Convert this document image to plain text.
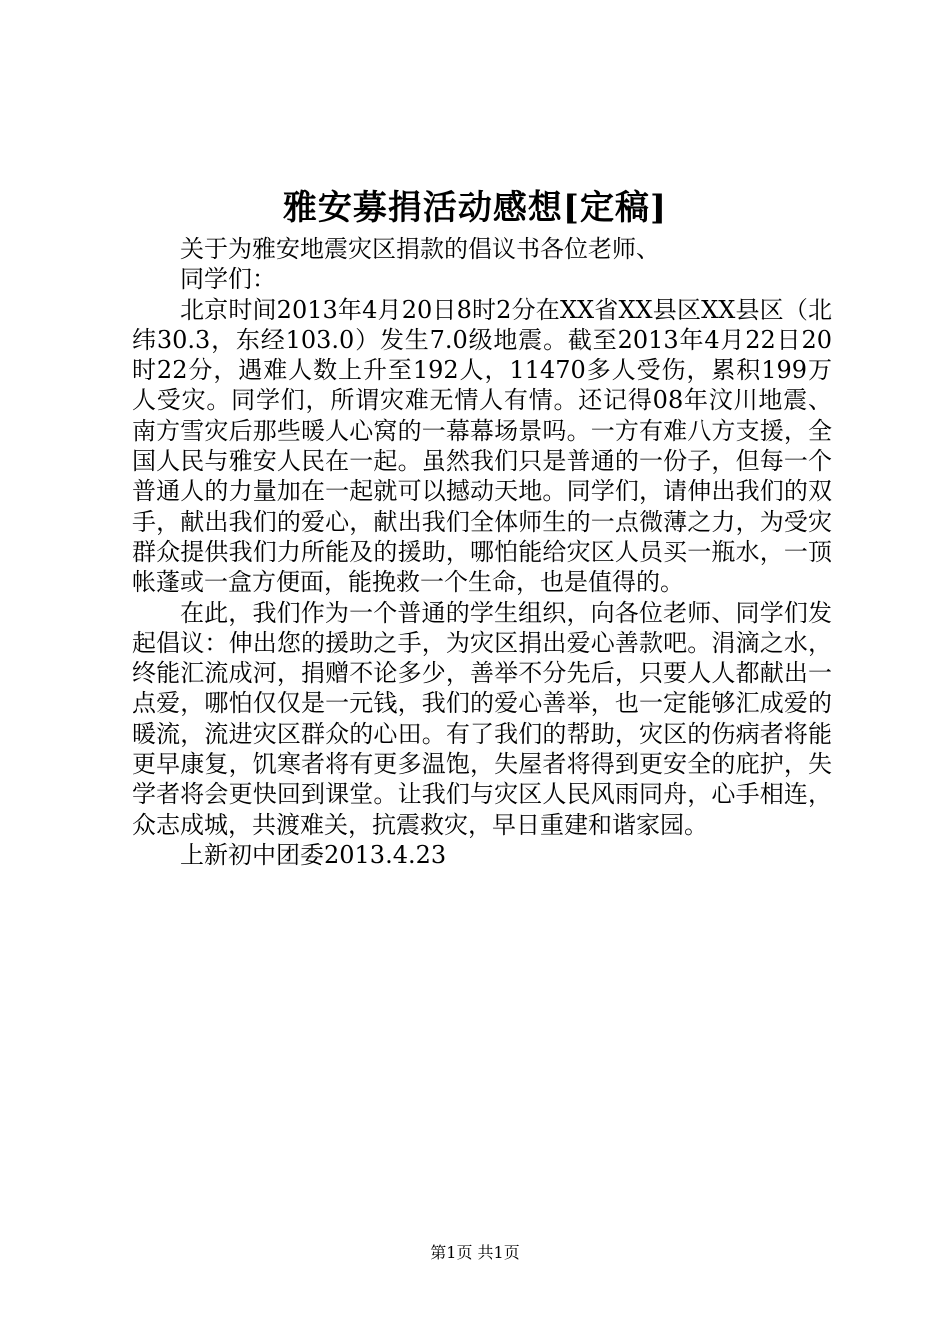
雅安募捐活动感想[定稿]

关于为雅安地震灾区捐款的倡议书各位老师、

同学们：

北京时间2013年4月20日8时2分在XX省XX县区XX县区（北纬30.3，东经103.0）发生7.0级地震。截至2013年4月22日20时22分，遇难人数上升至192人，11470多人受伤，累积199万人受灾。同学们，所谓灾难无情人有情。还记得08年汶川地震、南方雪灾后那些暖人心窝的一幕幕场景吗。一方有难八方支援，全国人民与雅安人民在一起。虽然我们只是普通的一份子，但每一个普通人的力量加在一起就可以撼动天地。同学们，请伸出我们的双手，献出我们的爱心，献出我们全体师生的一点微薄之力，为受灾群众提供我们力所能及的援助，哪怕能给灾区人员买一瓶水，一顶帐蓬或一盒方便面，能挽救一个生命，也是值得的。

在此，我们作为一个普通的学生组织，向各位老师、同学们发起倡议：伸出您的援助之手，为灾区捐出爱心善款吧。涓滴之水，终能汇流成河，捐赠不论多少，善举不分先后，只要人人都献出一点爱，哪怕仅仅是一元钱，我们的爱心善举，也一定能够汇成爱的暖流，流进灾区群众的心田。有了我们的帮助，灾区的伤病者将能更早康复，饥寒者将有更多温饱，失屋者将得到更安全的庇护，失学者将会更快回到课堂。让我们与灾区人民风雨同舟，心手相连，众志成城，共渡难关，抗震救灾，早日重建和谐家园。

上新初中团委2013.4.23

第1页 共1页
